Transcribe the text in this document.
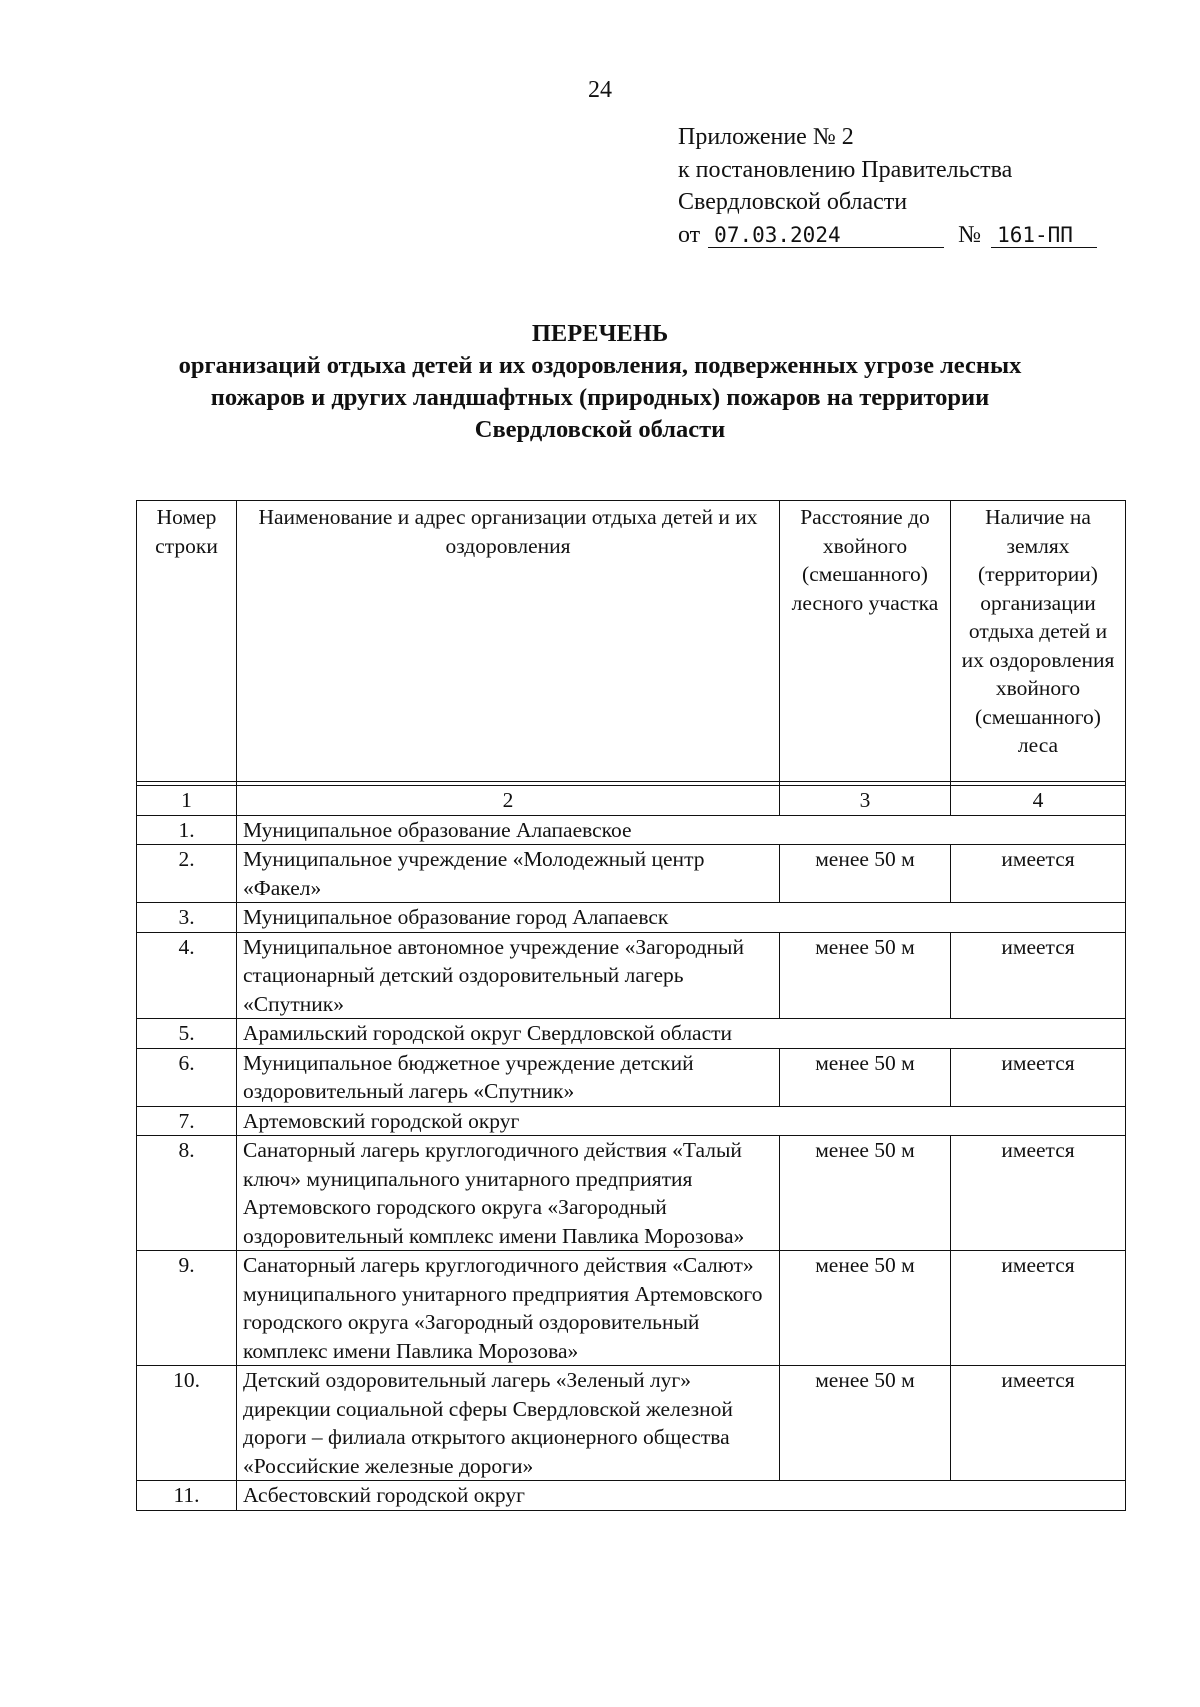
24
Приложение № 2
к постановлению Правительства
Свердловской области
от 07.03.2024	№ 161-ПП
ПЕРЕЧЕНЬ
организаций отдыха детей и их оздоровления, подверженных угрозе лесных
пожаров и других ландшафтных (природных) пожаров на территории
Свердловской области
Номер строки	Наименование и адрес организации отдыха детей и их оздоровления	Расстояние до хвойного (смешанного) лесного участка	Наличие на землях (территории) организации отдыха детей и их оздоровления хвойного (смешанного) леса

1	2	3	4
1.	Муниципальное образование Алапаевское		
2.	Муниципальное учреждение «Молодежный центр «Факел»	менее 50 м	имеется
3.	Муниципальное образование город Алапаевск		
4.	Муниципальное автономное учреждение «Загородный стационарный детский оздоровительный лагерь «Спутник»	менее 50 м	имеется
5.	Арамильский городской округ Свердловской области		
6.	Муниципальное бюджетное учреждение детский оздоровительный лагерь «Спутник»	менее 50 м	имеется
7.	Артемовский городской округ		
8.	Санаторный лагерь круглогодичного действия «Талый ключ» муниципального унитарного предприятия Артемовского городского округа «Загородный оздоровительный комплекс имени Павлика Морозова»	менее 50 м	имеется
9.	Санаторный лагерь круглогодичного действия «Салют» муниципального унитарного предприятия Артемовского городского округа «Загородный оздоровительный комплекс имени Павлика Морозова»	менее 50 м	имеется
10.	Детский оздоровительный лагерь «Зеленый луг» дирекции социальной сферы Свердловской железной дороги – филиала открытого акционерного общества «Российские железные дороги»	менее 50 м	имеется
11.	Асбестовский городской округ		
